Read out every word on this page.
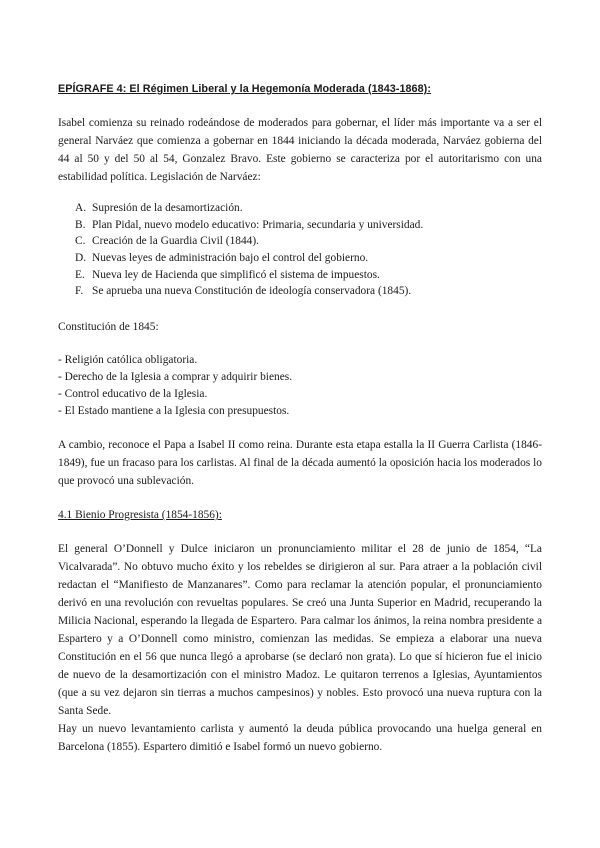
EPÍGRAFE 4: El Régimen Liberal y la Hegemonía Moderada (1843-1868):

Isabel comienza su reinado rodeándose de moderados para gobernar, el líder más importante va a ser el general Narváez que comienza a gobernar en 1844 iniciando la década moderada, Narváez gobierna del 44 al 50 y del 50 al 54, Gonzalez Bravo. Este gobierno se caracteriza por el autoritarismo con una estabilidad política. Legislación de Narváez:

A. Supresión de la desamortización.
B. Plan Pidal, nuevo modelo educativo: Primaria, secundaria y universidad.
C. Creación de la Guardia Civil (1844).
D. Nuevas leyes de administración bajo el control del gobierno.
E. Nueva ley de Hacienda que simplificó el sistema de impuestos.
F. Se aprueba una nueva Constitución de ideología conservadora (1845).

Constitución de 1845:

- Religión católica obligatoria.
- Derecho de la Iglesia a comprar y adquirir bienes.
- Control educativo de la Iglesia.
- El Estado mantiene a la Iglesia con presupuestos.

A cambio, reconoce el Papa a Isabel II como reina. Durante esta etapa estalla la II Guerra Carlista (1846-1849), fue un fracaso para los carlistas. Al final de la década aumentó la oposición hacia los moderados lo que provocó una sublevación.

4.1 Bienio Progresista (1854-1856):

El general O’Donnell y Dulce iniciaron un pronunciamiento militar el 28 de junio de 1854, “La Vicalvarada”. No obtuvo mucho éxito y los rebeldes se dirigieron al sur. Para atraer a la población civil redactan el “Manifiesto de Manzanares”. Como para reclamar la atención popular, el pronunciamiento derivó en una revolución con revueltas populares. Se creó una Junta Superior en Madrid, recuperando la Milicia Nacional, esperando la llegada de Espartero. Para calmar los ánimos, la reina nombra presidente a Espartero y a O’Donnell como ministro, comienzan las medidas. Se empieza a elaborar una nueva Constitución en el 56 que nunca llegó a aprobarse (se declaró non grata). Lo que sí hicieron fue el inicio de nuevo de la desamortización con el ministro Madoz. Le quitaron terrenos a Iglesias, Ayuntamientos (que a su vez dejaron sin tierras a muchos campesinos) y nobles. Esto provocó una nueva ruptura con la Santa Sede.

Hay un nuevo levantamiento carlista y aumentó la deuda pública provocando una huelga general en Barcelona (1855). Espartero dimitió e Isabel formó un nuevo gobierno.
